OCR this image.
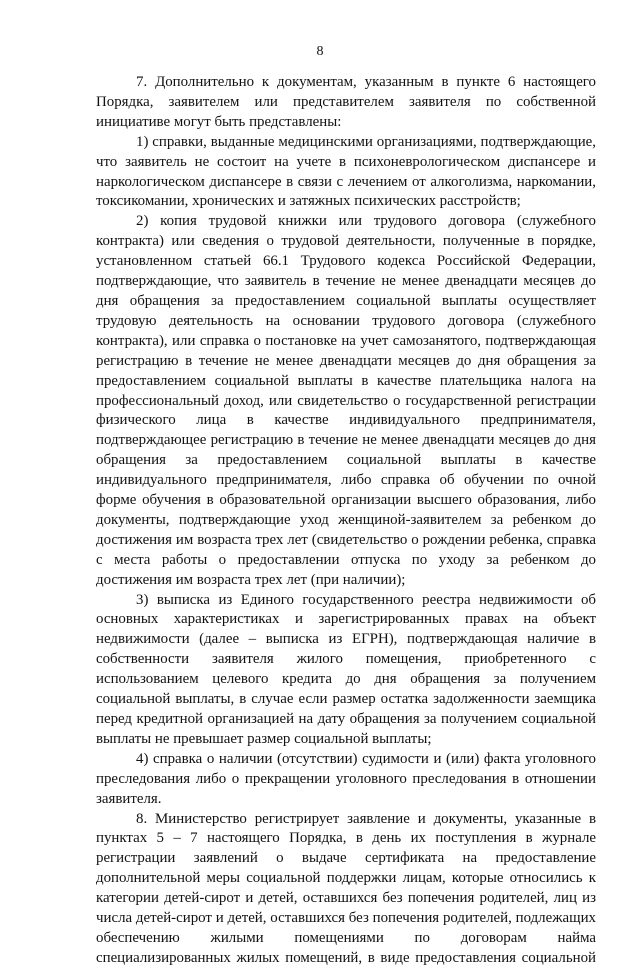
8

7. Дополнительно к документам, указанным в пункте 6 настоящего Порядка, заявителем или представителем заявителя по собственной инициативе могут быть представлены:

1) справки, выданные медицинскими организациями, подтверждающие, что заявитель не состоит на учете в психоневрологическом диспансере и наркологическом диспансере в связи с лечением от алкоголизма, наркомании, токсикомании, хронических и затяжных психических расстройств;

2) копия трудовой книжки или трудового договора (служебного контракта) или сведения о трудовой деятельности, полученные в порядке, установленном статьей 66.1 Трудового кодекса Российской Федерации, подтверждающие, что заявитель в течение не менее двенадцати месяцев до дня обращения за предоставлением социальной выплаты осуществляет трудовую деятельность на основании трудового договора (служебного контракта), или справка о постановке на учет самозанятого, подтверждающая регистрацию в течение не менее двенадцати месяцев до дня обращения за предоставлением социальной выплаты в качестве плательщика налога на профессиональный доход, или свидетельство о государственной регистрации физического лица в качестве индивидуального предпринимателя, подтверждающее регистрацию в течение не менее двенадцати месяцев до дня обращения за предоставлением социальной выплаты в качестве индивидуального предпринимателя, либо справка об обучении по очной форме обучения в образовательной организации высшего образования, либо документы, подтверждающие уход женщиной-заявителем за ребенком до достижения им возраста трех лет (свидетельство о рождении ребенка, справка с места работы о предоставлении отпуска по уходу за ребенком до достижения им возраста трех лет (при наличии);

3) выписка из Единого государственного реестра недвижимости об основных характеристиках и зарегистрированных правах на объект недвижимости (далее – выписка из ЕГРН), подтверждающая наличие в собственности заявителя жилого помещения, приобретенного с использованием целевого кредита до дня обращения за получением социальной выплаты, в случае если размер остатка задолженности заемщика перед кредитной организацией на дату обращения за получением социальной выплаты не превышает размер социальной выплаты;

4) справка о наличии (отсутствии) судимости и (или) факта уголовного преследования либо о прекращении уголовного преследования в отношении заявителя.

8. Министерство регистрирует заявление и документы, указанные в пунктах 5 – 7 настоящего Порядка, в день их поступления в журнале регистрации заявлений о выдаче сертификата на предоставление дополнительной меры социальной поддержки лицам, которые относились к категории детей-сирот и детей, оставшихся без попечения родителей, лиц из числа детей-сирот и детей, оставшихся без попечения родителей, подлежащих обеспечению жилыми помещениями по договорам найма специализированных жилых помещений, в виде предоставления социальной
